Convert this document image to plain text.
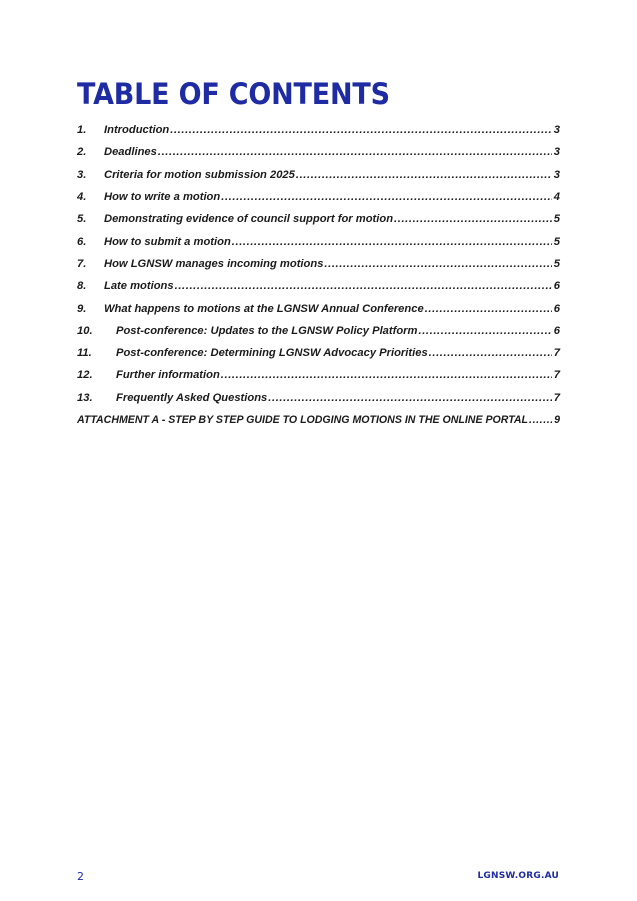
TABLE OF CONTENTS
1.	Introduction .....	3
2.	Deadlines .....	3
3.	Criteria for motion submission 2025 .....	3
4.	How to write a motion .....	4
5.	Demonstrating evidence of council support for motion .....	5
6.	How to submit a motion .....	5
7.	How LGNSW manages incoming motions .....	5
8.	Late motions .....	6
9.	What happens to motions at the LGNSW Annual Conference .....	6
10.	Post-conference: Updates to the LGNSW Policy Platform .....	6
11.	Post-conference: Determining LGNSW Advocacy Priorities .....	7
12.	Further information .....	7
13.	Frequently Asked Questions .....	7
ATTACHMENT A - STEP BY STEP GUIDE TO LODGING MOTIONS IN THE ONLINE PORTAL ..... 9
2	LGNSW.ORG.AU
